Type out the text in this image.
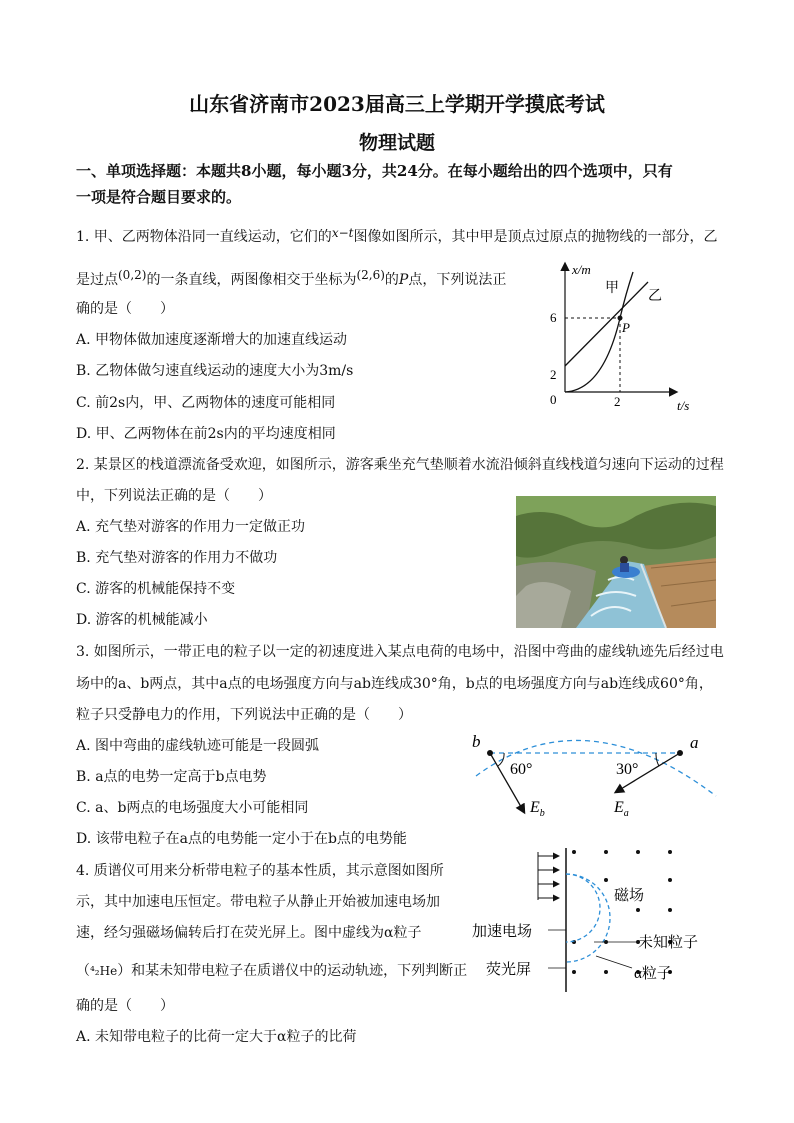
山东省济南市2023届高三上学期开学摸底考试
物理试题
一、单项选择题：本题共8小题，每小题3分，共24分。在每小题给出的四个选项中，只有
一项是符合题目要求的。
1. 甲、乙两物体沿同一直线运动，它们的x−t图像如图所示，其中甲是顶点过原点的抛物线的一部分，乙
是过点(0,2)的一条直线，两图像相交于坐标为(2,6)的P点，下列说法正
确的是（　　）
A. 甲物体做加速度逐渐增大的加速直线运动
B. 乙物体做匀速直线运动的速度大小为3m/s
C. 前2s内，甲、乙两物体的速度可能相同
D. 甲、乙两物体在前2s内的平均速度相同
x/m
t/s
0
6
2
2
P
甲
乙
2. 某景区的栈道漂流备受欢迎，如图所示，游客乘坐充气垫顺着水流沿倾斜直线栈道匀速向下运动的过程
中，下列说法正确的是（　　）
A. 充气垫对游客的作用力一定做正功
B. 充气垫对游客的作用力不做功
C. 游客的机械能保持不变
D. 游客的机械能减小
3. 如图所示，一带正电的粒子以一定的初速度进入某点电荷的电场中，沿图中弯曲的虚线轨迹先后经过电
场中的a、b两点，其中a点的电场强度方向与ab连线成30°角，b点的电场强度方向与ab连线成60°角，
粒子只受静电力的作用，下列说法中正确的是（　　）
A. 图中弯曲的虚线轨迹可能是一段圆弧
B. a点的电势一定高于b点电势
C. a、b两点的电场强度大小可能相同
D. 该带电粒子在a点的电势能一定小于在b点的电势能
b	a
60°	30°
$E_b$	$E_a$
4. 质谱仪可用来分析带电粒子的基本性质，其示意图如图所
示，其中加速电压恒定。带电粒子从静止开始被加速电场加
速，经匀强磁场偏转后打在荧光屏上。图中虚线为α粒子
（⁴₂He）和某未知带电粒子在质谱仪中的运动轨迹，下列判断正
确的是（　　）
A. 未知带电粒子的比荷一定大于α粒子的比荷
磁场
加速电场
未知粒子
荧光屏	α粒子
